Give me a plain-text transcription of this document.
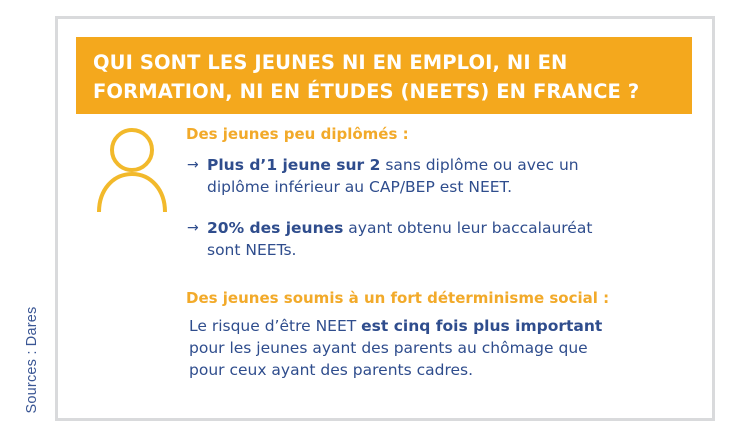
Sources : Dares
QUI SONT LES JEUNES NI EN EMPLOI, NI EN
FORMATION, NI EN ÉTUDES (NEETS) EN FRANCE ?
Des jeunes peu diplômés :
→ Plus d’1 jeune sur 2 sans diplôme ou avec un
diplôme inférieur au CAP/BEP est NEET.
→ 20% des jeunes ayant obtenu leur baccalauréat
sont NEETs.
Des jeunes soumis à un fort déterminisme social :

Le risque d’être NEET est cinq fois plus important
pour les jeunes ayant des parents au chômage que
pour ceux ayant des parents cadres.
